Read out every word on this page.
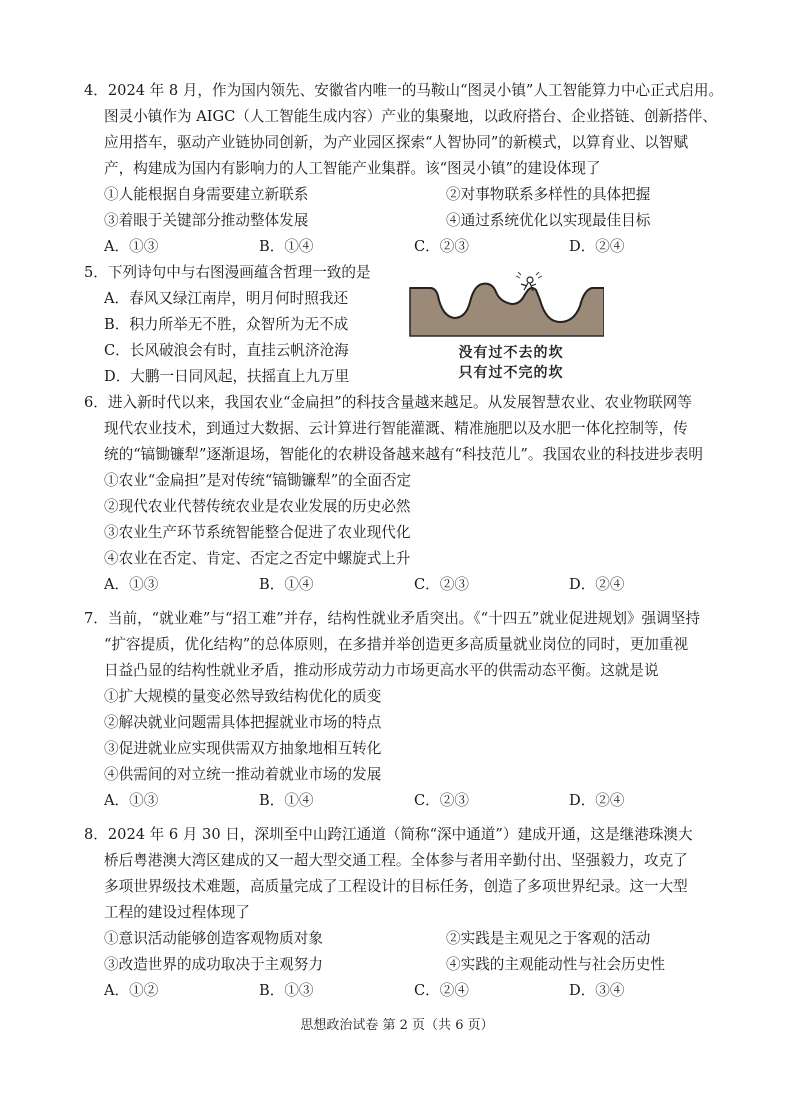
4．2024 年 8 月，作为国内领先、安徽省内唯一的马鞍山“图灵小镇”人工智能算力中心正式启用。
图灵小镇作为 AIGC（人工智能生成内容）产业的集聚地，以政府搭台、企业搭链、创新搭伴、
应用搭车，驱动产业链协同创新，为产业园区探索“人智协同”的新模式，以算育业、以智赋
产，构建成为国内有影响力的人工智能产业集群。该“图灵小镇”的建设体现了
①人能根据自身需要建立新联系	②对事物联系多样性的具体把握
③着眼于关键部分推动整体发展	④通过系统优化以实现最佳目标
A．①③	B．①④	C．②③	D．②④
5．下列诗句中与右图漫画蕴含哲理一致的是
A．春风又绿江南岸，明月何时照我还
B．积力所举无不胜，众智所为无不成
C．长风破浪会有时，直挂云帆济沧海
D．大鹏一日同风起，扶摇直上九万里
没有过不去的坎
只有过不完的坎
6．进入新时代以来，我国农业“金扁担”的科技含量越来越足。从发展智慧农业、农业物联网等
现代农业技术，到通过大数据、云计算进行智能灌溉、精准施肥以及水肥一体化控制等，传
统的“镐锄镰犁”逐渐退场，智能化的农耕设备越来越有“科技范儿”。我国农业的科技进步表明
①农业“金扁担”是对传统“镐锄镰犁”的全面否定
②现代农业代替传统农业是农业发展的历史必然
③农业生产环节系统智能整合促进了农业现代化
④农业在否定、肯定、否定之否定中螺旋式上升
A．①③	B．①④	C．②③	D．②④
7．当前，“就业难”与“招工难”并存，结构性就业矛盾突出。《“十四五”就业促进规划》强调坚持
“扩容提质，优化结构”的总体原则，在多措并举创造更多高质量就业岗位的同时，更加重视
日益凸显的结构性就业矛盾，推动形成劳动力市场更高水平的供需动态平衡。这就是说
①扩大规模的量变必然导致结构优化的质变
②解决就业问题需具体把握就业市场的特点
③促进就业应实现供需双方抽象地相互转化
④供需间的对立统一推动着就业市场的发展
A．①③	B．①④	C．②③	D．②④
8．2024 年 6 月 30 日，深圳至中山跨江通道（简称“深中通道”）建成开通，这是继港珠澳大
桥后粤港澳大湾区建成的又一超大型交通工程。全体参与者用辛勤付出、坚强毅力，攻克了
多项世界级技术难题，高质量完成了工程设计的目标任务，创造了多项世界纪录。这一大型
工程的建设过程体现了
①意识活动能够创造客观物质对象	②实践是主观见之于客观的活动
③改造世界的成功取决于主观努力	④实践的主观能动性与社会历史性
A．①②	B．①③	C．②④	D．③④
思想政治试卷 第 2 页（共 6 页）
